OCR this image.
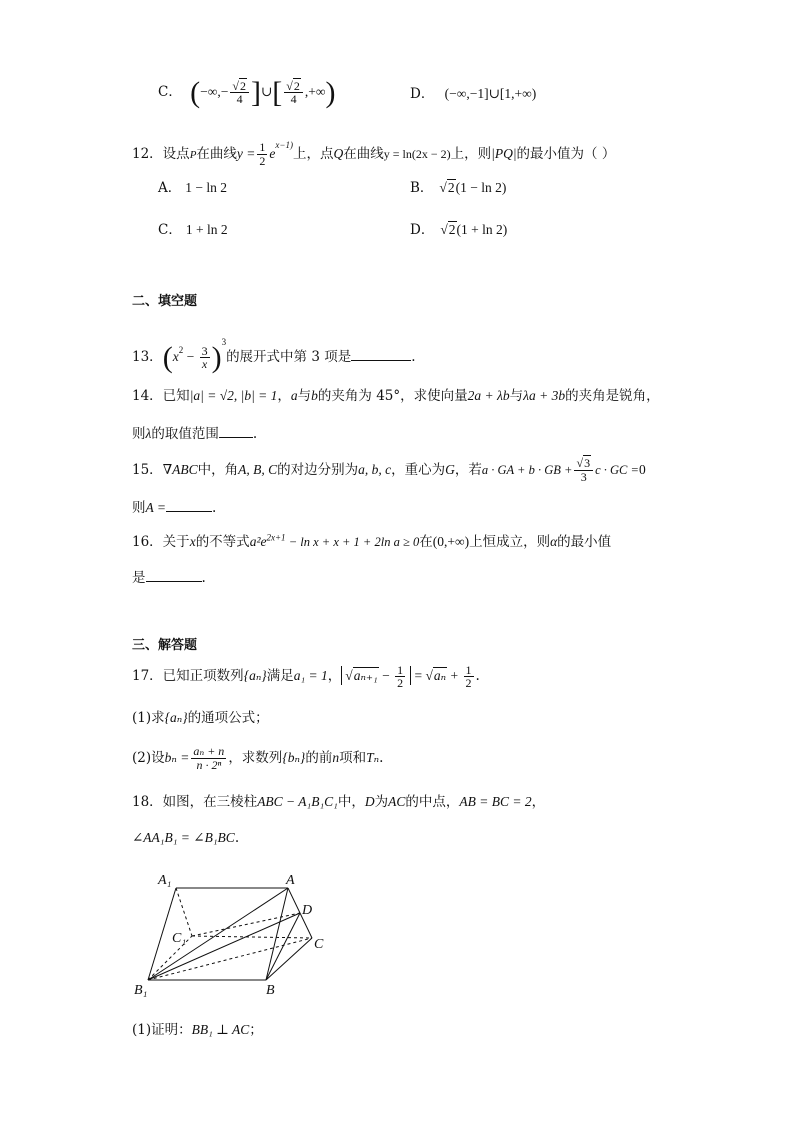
C． (−∞,− $\frac{√2}{4}$ ]∪[ $\frac{√2}{4}$ ,+∞)	D． (−∞,−1]∪[1,+∞)
12．设点P在曲线$y = \frac{1}{2} e^{x-1)}$上，点Q在曲线y = ln(2x − 2)上，则|PQ|的最小值为（ ）
A． 1 − ln 2	B． √2(1 − ln 2)
C． 1 + ln 2	D． √2(1 + ln 2)
二、填空题
13．$(x^2 - \frac{3}{x} )^3$的展开式中第 3 项是	.
14．已知|a| = √2, |b| = 1，a与b的夹角为 45°，求使向量2a + λb与λa + 3b的夹角是锐角，
则λ的取值范围	.
15．∇ABC中，角A, B, C的对边分别为a, b, c，重心为G，若a · GA + b · GB + $\frac{√3}{3}$ c · GC =0
则A =	.
16．关于x的不等式$a^2e^{2x+1} - \ln x + x + 1 + 2\ln$ a ≥ 0在(0,+∞)上恒成立，则α的最小值
是	.
三、解答题
17．已知正项数列{aₙ}满足a₁ = 1， $√a_{n+1} - \frac{1}{2} = √a_n + \frac{1}{2}$ .
(1)求{aₙ}的通项公式；
(2)设$b_n = \frac{\text{aₙ + n}}{\text{n · 2ⁿ}}$ ，求数列{bₙ}的前n项和Tₙ.
18．如图，在三棱柱ABC − A₁B₁C₁中，D为AC的中点，AB = BC = 2，
∠AA₁B₁ = ∠B₁BC.
A₁	A
D
C₁	C
B₁	B
(1)证明：BB₁ ⊥ AC；
